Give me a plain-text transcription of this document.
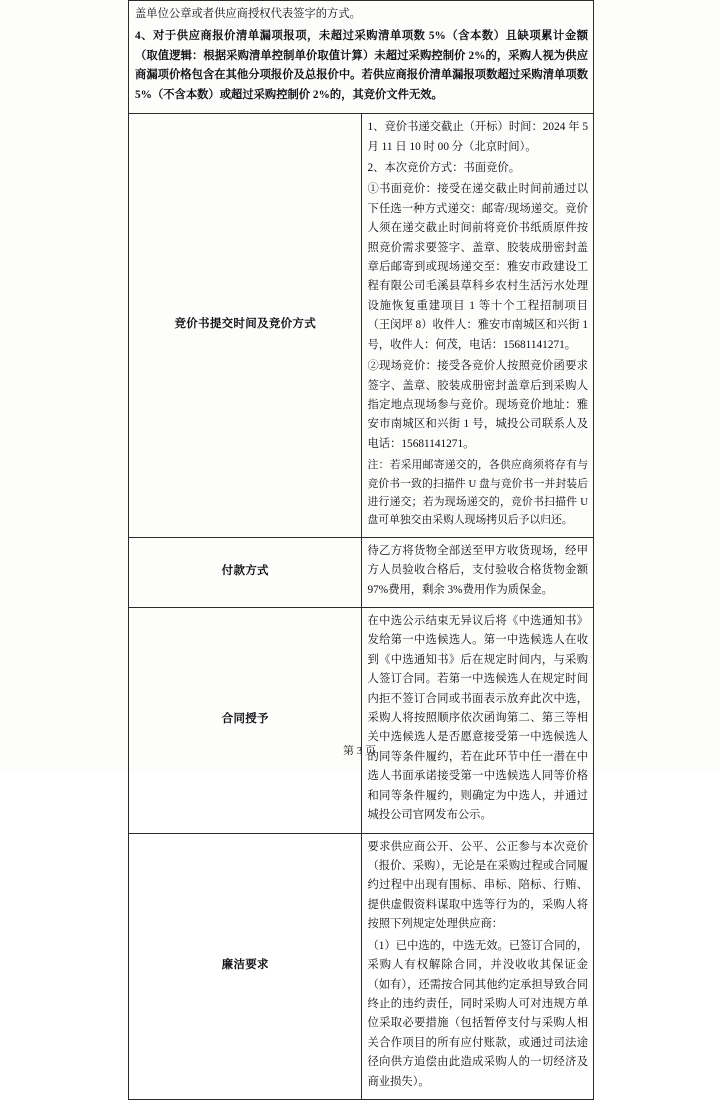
盖单位公章或者供应商授权代表签字的方式。

4、对于供应商报价清单漏项报项，未超过采购清单项数 5%（含本数）且缺项累计金额（取值逻辑：根据采购清单控制单价取值计算）未超过采购控制价 2%的，采购人视为供应商漏项价格包含在其他分项报价及总报价中。若供应商报价清单漏报项数超过采购清单项数 5%（不含本数）或超过采购控制价 2%的，其竞价文件无效。	

竞价书提交时间及竞价方式	1、竞价书递交截止（开标）时间：2024 年 5 月 11 日 10 时 00 分（北京时间）。

2、本次竞价方式：书面竞价。

①书面竞价：接受在递交截止时间前通过以下任选一种方式递交：邮寄/现场递交。竞价人须在递交截止时间前将竞价书纸质原件按照竞价需求要签字、盖章、胶装成册密封盖章后邮寄到或现场递交至：雅安市政建设工程有限公司毛溪县草科乡农村生活污水处理设施恢复重建项目 1 等十个工程招制项目（王闵坪 8）收件人：雅安市南城区和兴街 1 号，收件人：何茂，电话：15681141271。

②现场竞价：接受各竞价人按照竞价函要求签字、盖章、胶装成册密封盖章后到采购人指定地点现场参与竞价。现场竞价地址：雅安市南城区和兴街 1 号，城投公司联系人及电话：15681141271。

注：若采用邮寄递交的，各供应商须将存有与竞价书一致的扫描件 U 盘与竞价书一并封装后进行递交；若为现场递交的，竞价书扫描件 U 盘可单独交由采购人现场拷贝后予以归还。

付款方式	待乙方将货物全部送至甲方收货现场，经甲方人员验收合格后，支付验收合格货物金额 97%费用，剩余 3%费用作为质保金。

合同授予	在中选公示结束无异议后将《中选通知书》发给第一中选候选人。第一中选候选人在收到《中选通知书》后在规定时间内，与采购人签订合同。若第一中选候选人在规定时间内拒不签订合同或书面表示放弃此次中选，采购人将按照顺序依次函询第二、第三等相关中选候选人是否愿意接受第一中选候选人的同等条件履约，若在此环节中任一潜在中选人书面承诺接受第一中选候选人同等价格和同等条件履约，则确定为中选人，并通过城投公司官网发布公示。

廉洁要求	要求供应商公开、公平、公正参与本次竞价（报价、采购），无论是在采购过程或合同履约过程中出现有围标、串标、陪标、行贿、提供虚假资料谋取中选等行为的，采购人将按照下列规定处理供应商：

（1）已中选的，中选无效。已签订合同的，采购人有权解除合同，并没收收其保证金（如有），还需按合同其他约定承担导致合同终止的违约责任，同时采购人可对违规方单位采取必要措施（包括暂停支付与采购人相关合作项目的所有应付账款，或通过司法途径向供方追偿由此造成采购人的一切经济及商业损失）。

第 3 页
